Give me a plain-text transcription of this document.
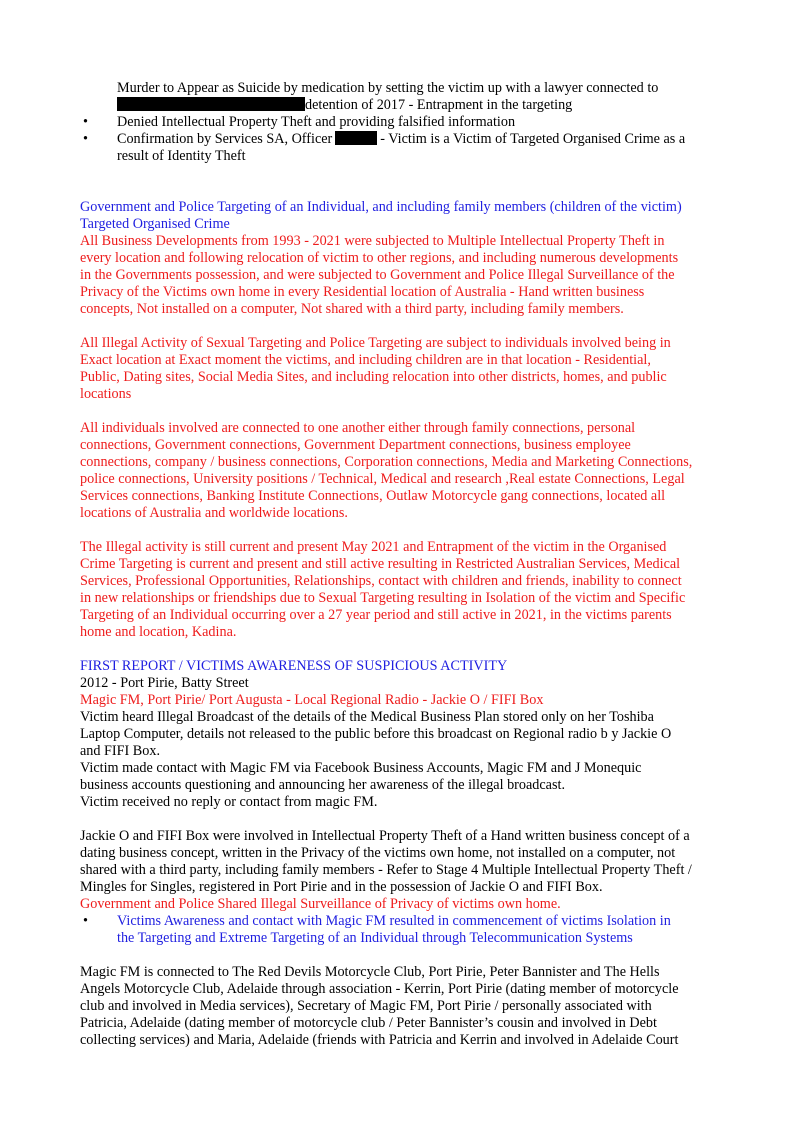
Murder to Appear as Suicide by medication by setting the victim up with a lawyer connected to

detention of 2017 - Entrapment in the targeting

• Denied Intellectual Property Theft and providing falsified information
• Confirmation by Services SA, Officer	- Victim is a Victim of Targeted Organised Crime as a
result of Identity Theft

Government and Police Targeting of an Individual, and including family members (children of the victim)

Targeted Organised Crime

All Business Developments from 1993 - 2021 were subjected to Multiple Intellectual Property Theft in

every location and following relocation of victim to other regions, and including numerous developments

in the Governments possession, and were subjected to Government and Police Illegal Surveillance of the

Privacy of the Victims own home in every Residential location of Australia - Hand written business

concepts, Not installed on a computer, Not shared with a third party, including family members.

All Illegal Activity of Sexual Targeting and Police Targeting are subject to individuals involved being in

Exact location at Exact moment the victims, and including children are in that location - Residential,

Public, Dating sites, Social Media Sites, and including relocation into other districts, homes, and public

locations

All individuals involved are connected to one another either through family connections, personal

connections, Government connections, Government Department connections, business employee

connections, company / business connections, Corporation connections, Media and Marketing Connections,

police connections, University positions / Technical, Medical and research ,Real estate Connections, Legal

Services connections, Banking Institute Connections, Outlaw Motorcycle gang connections, located all

locations of Australia and worldwide locations.

The Illegal activity is still current and present May 2021 and Entrapment of the victim in the Organised

Crime Targeting is current and present and still active resulting in Restricted Australian Services, Medical

Services, Professional Opportunities, Relationships, contact with children and friends, inability to connect

in new relationships or friendships due to Sexual Targeting resulting in Isolation of the victim and Specific

Targeting of an Individual occurring over a 27 year period and still active in 2021, in the victims parents

home and location, Kadina.

FIRST REPORT / VICTIMS AWARENESS OF SUSPICIOUS ACTIVITY

2012 - Port Pirie, Batty Street

Magic FM, Port Pirie/ Port Augusta - Local Regional Radio - Jackie O / FIFI Box

Victim heard Illegal Broadcast of the details of the Medical Business Plan stored only on her Toshiba

Laptop Computer, details not released to the public before this broadcast on Regional radio b y Jackie O

and FIFI Box.

Victim made contact with Magic FM via Facebook Business Accounts, Magic FM and J Monequic

business accounts questioning and announcing her awareness of the illegal broadcast.

Victim received no reply or contact from magic FM.

Jackie O and FIFI Box were involved in Intellectual Property Theft of a Hand written business concept of a

dating business concept, written in the Privacy of the victims own home, not installed on a computer, not

shared with a third party, including family members - Refer to Stage 4 Multiple Intellectual Property Theft /

Mingles for Singles, registered in Port Pirie and in the possession of Jackie O and FIFI Box.

Government and Police Shared Illegal Surveillance of Privacy of victims own home.

• Victims Awareness and contact with Magic FM resulted in commencement of victims Isolation in
the Targeting and Extreme Targeting of an Individual through Telecommunication Systems

Magic FM is connected to The Red Devils Motorcycle Club, Port Pirie, Peter Bannister and The Hells

Angels Motorcycle Club, Adelaide through association - Kerrin, Port Pirie (dating member of motorcycle

club and involved in Media services), Secretary of Magic FM, Port Pirie / personally associated with

Patricia, Adelaide (dating member of motorcycle club / Peter Bannister’s cousin and involved in Debt

collecting services) and Maria, Adelaide (friends with Patricia and Kerrin and involved in Adelaide Court
